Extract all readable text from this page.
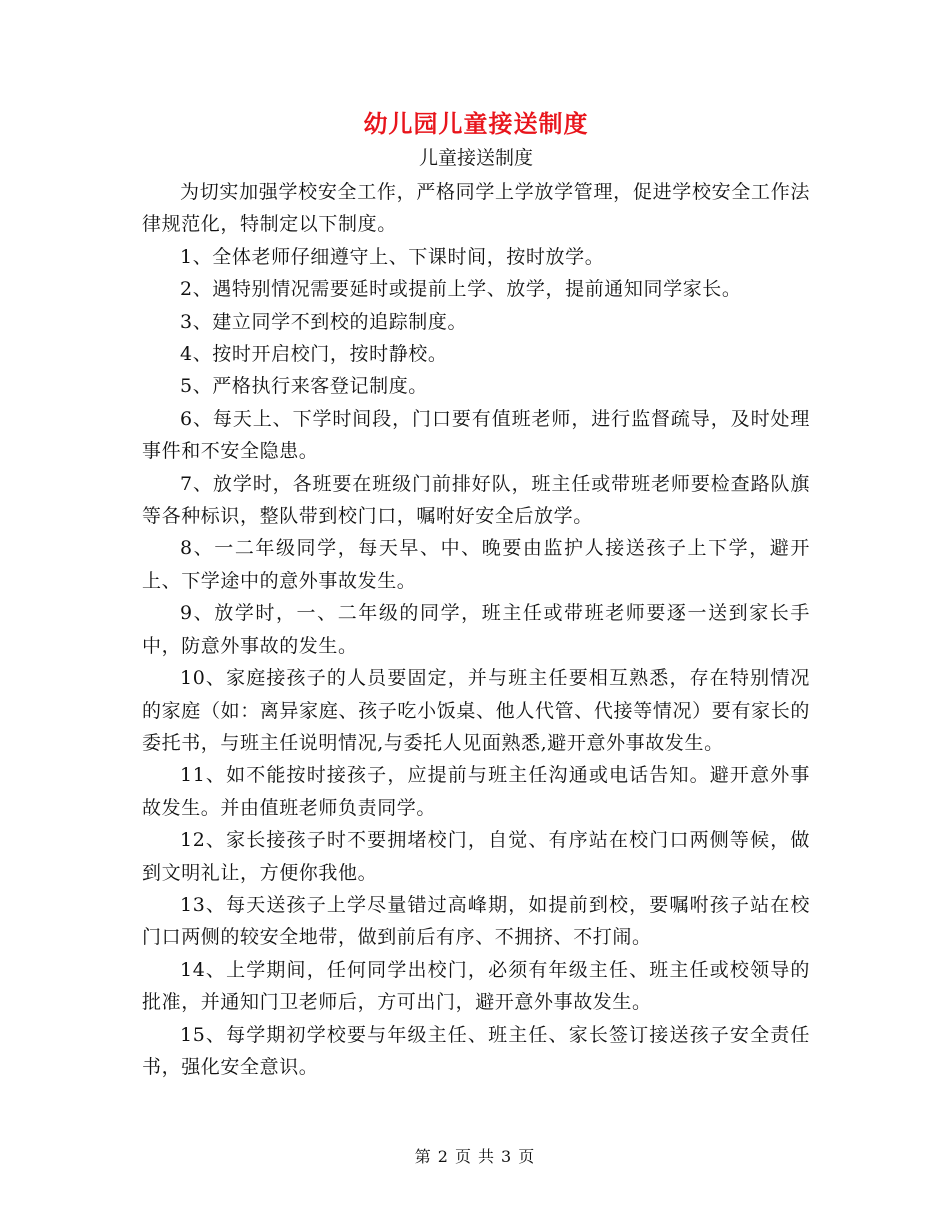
幼儿园儿童接送制度

儿童接送制度

为切实加强学校安全工作，严格同学上学放学管理，促进学校安全工作法律规范化，特制定以下制度。

1、全体老师仔细遵守上、下课时间，按时放学。

2、遇特别情况需要延时或提前上学、放学，提前通知同学家长。

3、建立同学不到校的追踪制度。

4、按时开启校门，按时静校。

5、严格执行来客登记制度。

6、每天上、下学时间段，门口要有值班老师，进行监督疏导，及时处理事件和不安全隐患。

7、放学时，各班要在班级门前排好队，班主任或带班老师要检查路队旗等各种标识，整队带到校门口，嘱咐好安全后放学。

8、一二年级同学，每天早、中、晚要由监护人接送孩子上下学，避开上、下学途中的意外事故发生。

9、放学时，一、二年级的同学，班主任或带班老师要逐一送到家长手中，防意外事故的发生。

10、家庭接孩子的人员要固定，并与班主任要相互熟悉，存在特别情况的家庭（如：离异家庭、孩子吃小饭桌、他人代管、代接等情况）要有家长的委托书，与班主任说明情况,与委托人见面熟悉,避开意外事故发生。

11、如不能按时接孩子，应提前与班主任沟通或电话告知。避开意外事故发生。并由值班老师负责同学。

12、家长接孩子时不要拥堵校门，自觉、有序站在校门口两侧等候，做到文明礼让，方便你我他。

13、每天送孩子上学尽量错过高峰期，如提前到校，要嘱咐孩子站在校门口两侧的较安全地带，做到前后有序、不拥挤、不打闹。

14、上学期间，任何同学出校门，必须有年级主任、班主任或校领导的批准，并通知门卫老师后，方可出门，避开意外事故发生。

15、每学期初学校要与年级主任、班主任、家长签订接送孩子安全责任书，强化安全意识。

第 2 页 共 3 页
